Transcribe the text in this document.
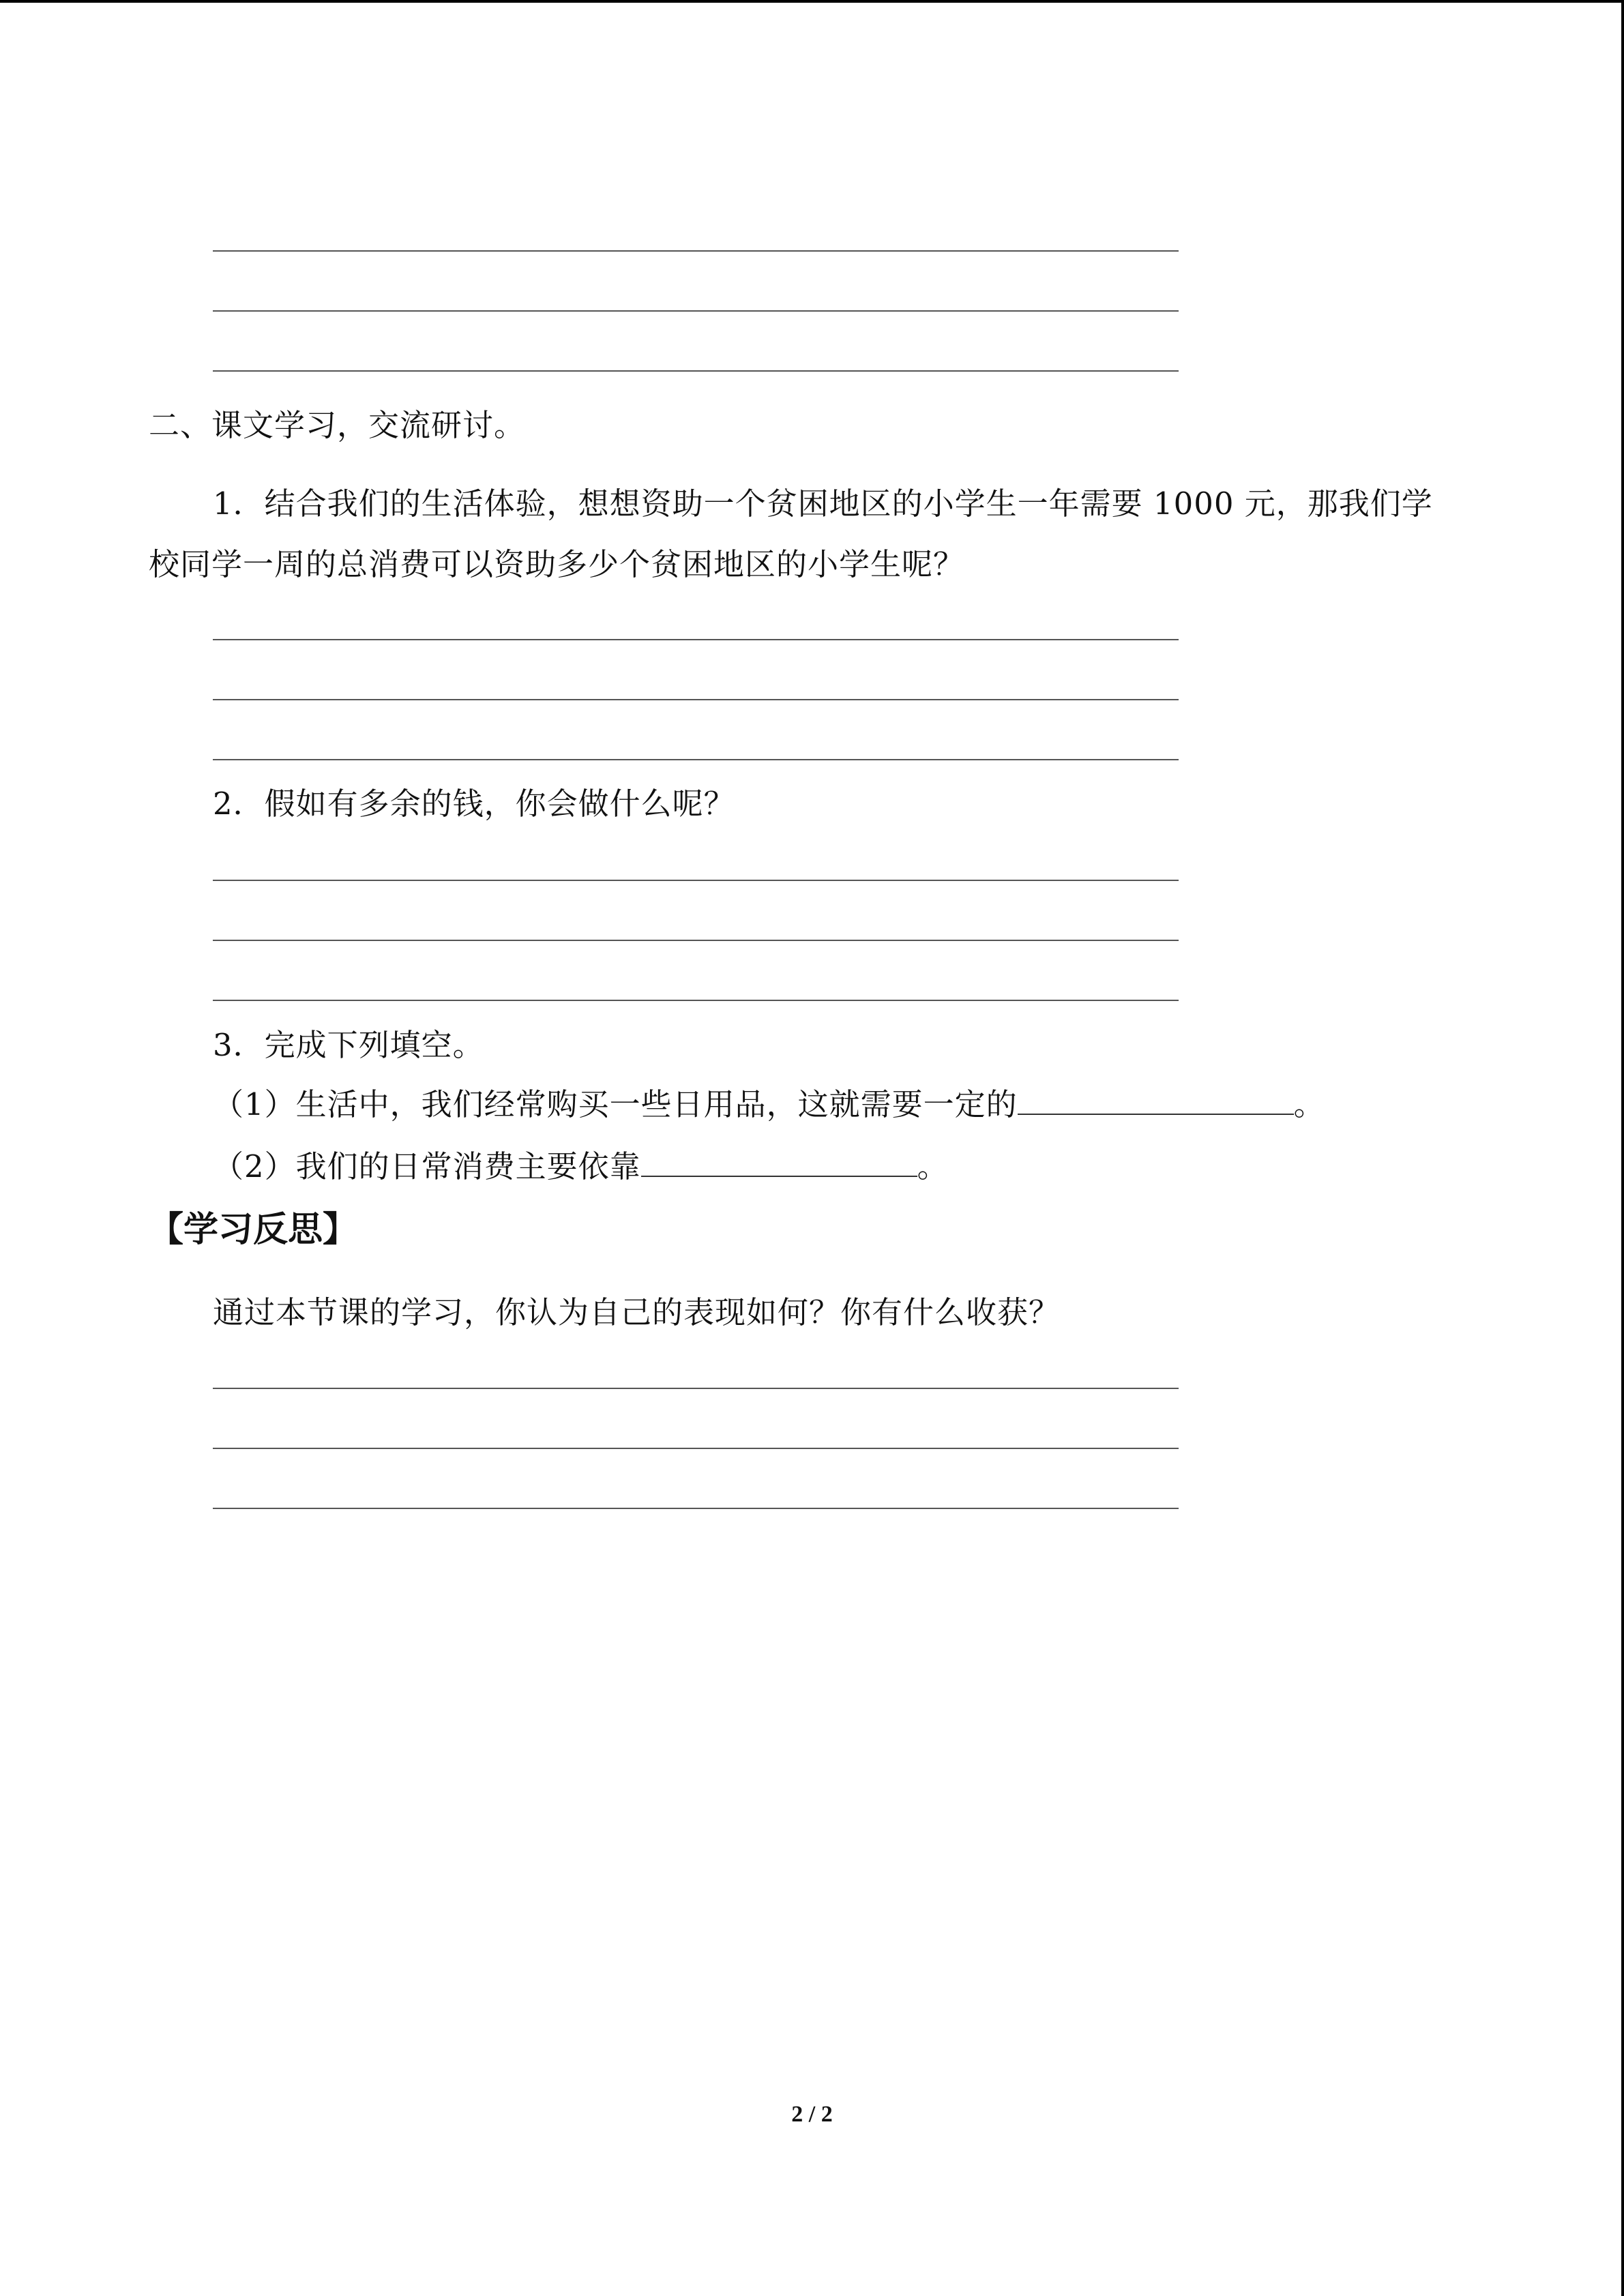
二、课文学习，交流研讨。
1．结合我们的生活体验，想想资助一个贫困地区的小学生一年需要 1000 元，那我们学
校同学一周的总消费可以资助多少个贫困地区的小学生呢？
2．假如有多余的钱，你会做什么呢？
3．完成下列填空。
（1）生活中，我们经常购买一些日用品，这就需要一定的	。
（2）我们的日常消费主要依靠	。
【学习反思】
通过本节课的学习，你认为自己的表现如何？你有什么收获？
2 / 2
